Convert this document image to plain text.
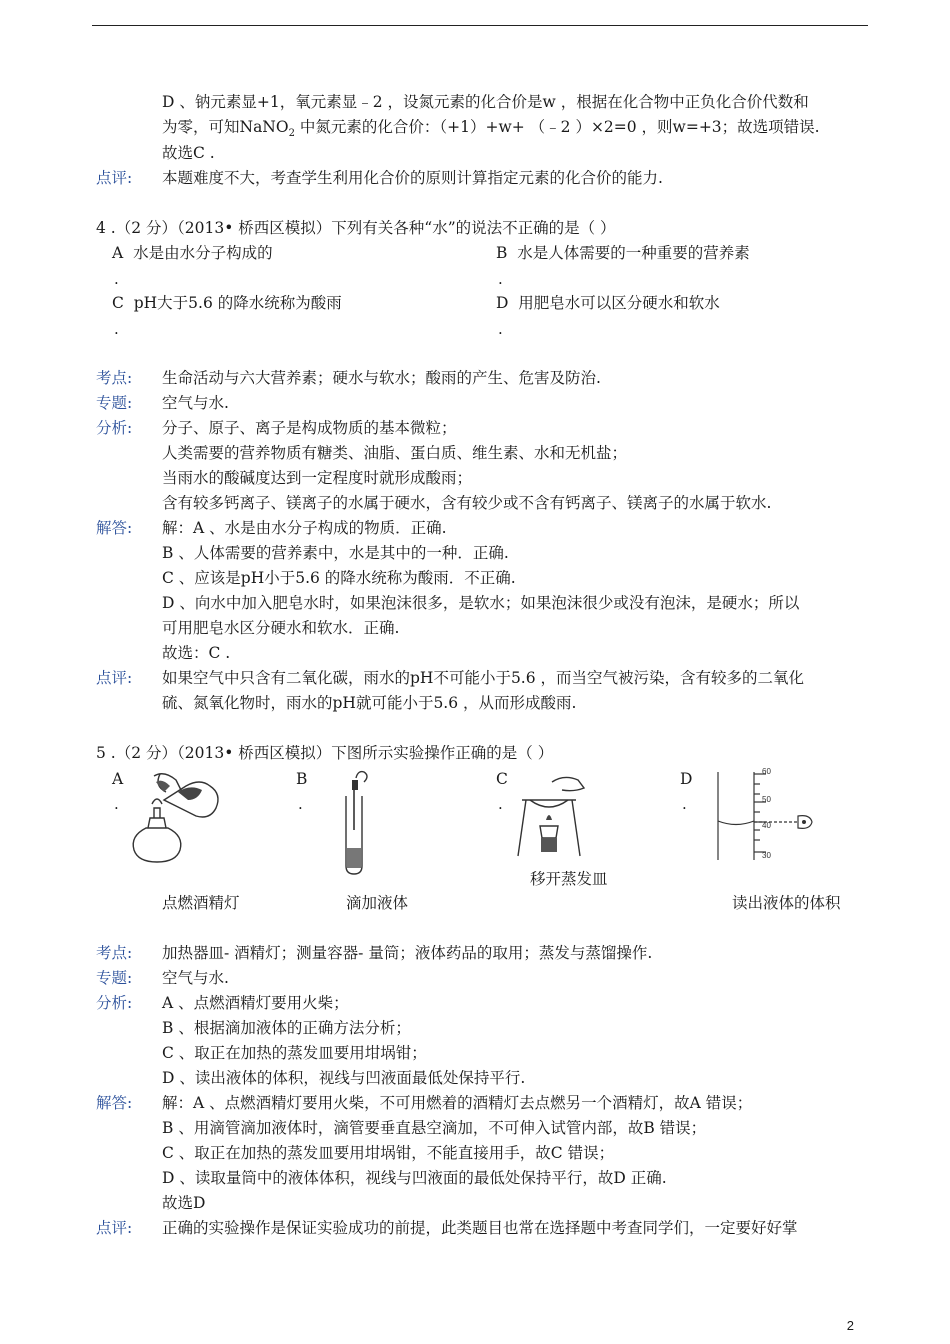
D 、钠元素显+1，氧元素显﹣2 ，设氮元素的化合价是w ，根据在化合物中正负化合价代数和
为零，可知NaNO$_2$ 中氮元素的化合价：（+1）+w+ （﹣2 ）×2=0 ，则w=+3；故选项错误.
故选C .
点评: 本题难度不大，考查学生利用化合价的原则计算指定元素的化合价的能力.
4 .（2 分）（2013• 桥西区模拟）下列有关各种“水”的说法不正确的是（ ）
A 水是由水分子构成的
.
B 水是人体需要的一种重要的营养素
.
C pH大于5.6 的降水统称为酸雨
.
D 用肥皂水可以区分硬水和软水
.
考点: 生命活动与六大营养素；硬水与软水；酸雨的产生、危害及防治.
专题: 空气与水.
分析: 分子、原子、离子是构成物质的基本微粒；
人类需要的营养物质有糖类、油脂、蛋白质、维生素、水和无机盐；
当雨水的酸碱度达到一定程度时就形成酸雨；
含有较多钙离子、镁离子的水属于硬水，含有较少或不含有钙离子、镁离子的水属于软水.
解答: 解：A 、水是由水分子构成的物质．正确.
B 、人体需要的营养素中，水是其中的一种．正确.
C 、应该是pH小于5.6 的降水统称为酸雨．不正确.
D 、向水中加入肥皂水时，如果泡沫很多，是软水；如果泡沫很少或没有泡沫，是硬水；所以
可用肥皂水区分硬水和软水．正确.
故选：C .
点评: 如果空气中只含有二氧化碳，雨水的pH不可能小于5.6 ，而当空气被污染，含有较多的二氧化
硫、氮氧化物时，雨水的pH就可能小于5.6 ，从而形成酸雨.
5 .（2 分）（2013• 桥西区模拟）下图所示实验操作正确的是（ ）
A
.
B
.
C
.
D
.
60
50
40
30
点燃酒精灯	滴加液体
移开蒸发皿
读出液体的体积
考点: 加热器皿- 酒精灯；测量容器- 量筒；液体药品的取用；蒸发与蒸馏操作.
专题: 空气与水.
分析: A 、点燃酒精灯要用火柴；
B 、根据滴加液体的正确方法分析；
C 、取正在加热的蒸发皿要用坩埚钳；
D 、读出液体的体积，视线与凹液面最低处保持平行.
解答: 解：A 、点燃酒精灯要用火柴，不可用燃着的酒精灯去点燃另一个酒精灯，故A 错误；
B 、用滴管滴加液体时，滴管要垂直悬空滴加，不可伸入试管内部，故B 错误；
C 、取正在加热的蒸发皿要用坩埚钳，不能直接用手，故C 错误；
D 、读取量筒中的液体体积，视线与凹液面的最低处保持平行，故D 正确.
故选D
点评: 正确的实验操作是保证实验成功的前提，此类题目也常在选择题中考查同学们，一定要好好掌
2
